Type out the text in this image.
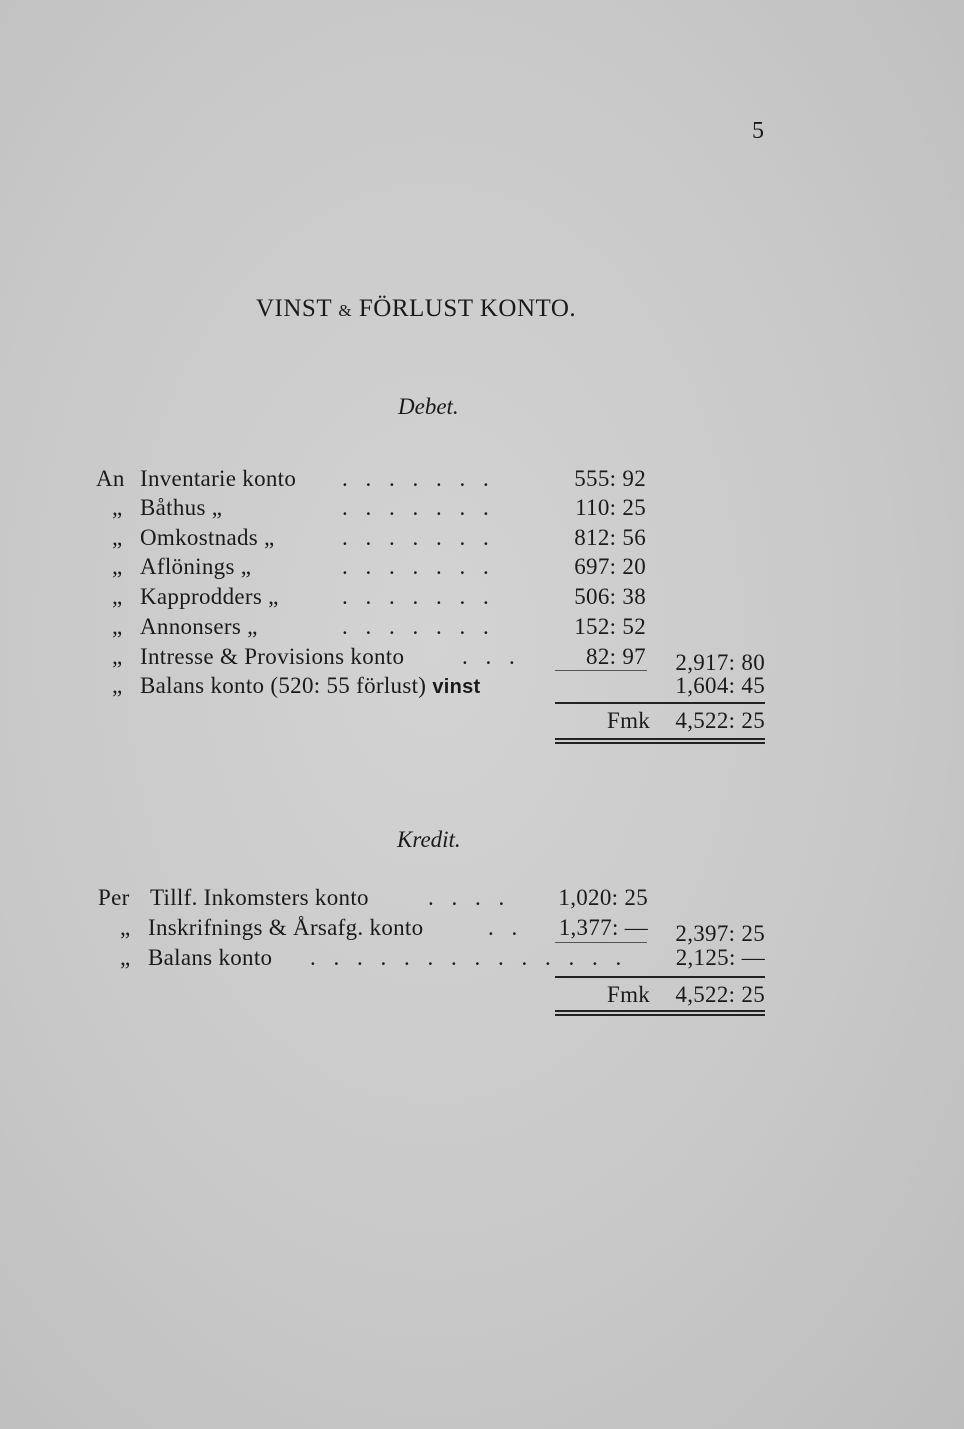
5
VINST & FÖRLUST KONTO.
Debet.
An Inventarie konto . . . . . . .	555: 92
„ Båthus „	. . . . . . .	110: 25
„ Omkostnads „	. . . . . . .	812: 56
„ Aflönings „	. . . . . . .	697: 20
„ Kapprodders „	. . . . . . .	506: 38
„ Annonsers „	. . . . . . .	152: 52
„ Intresse & Provisions konto	. . .	82: 97	2,917: 80
„ Balans konto (520: 55 förlust) vinst	1,604: 45
Fmk	4,522: 25
Kredit.
Per Tillf. Inkomsters konto	. . . .	1,020: 25
„ Inskrifnings & Årsafg. konto	. .	1,377: —	2,397: 25
„ Balans konto . . . . . . . . . . . . . .	2,125: —
Fmk	4,522: 25
